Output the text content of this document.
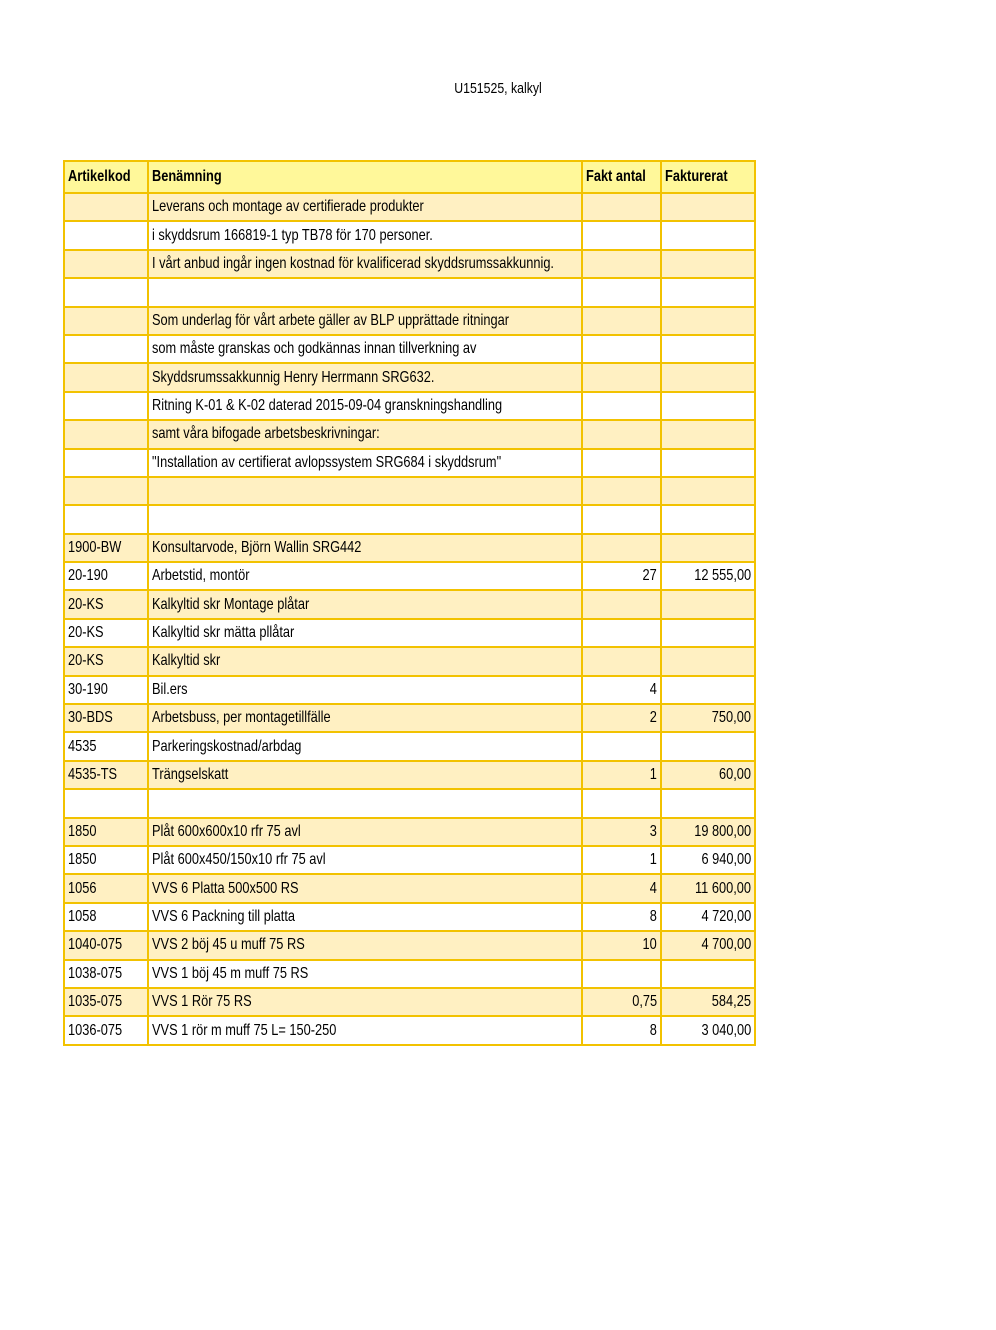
U151525, kalkyl
Artikelkod	Benämning	Fakt antal	Fakturerat
	Leverans och montage av certifierade produkter		
	i skyddsrum 166819-1 typ TB78 för 170 personer.		
	I vårt anbud ingår ingen kostnad för kvalificerad skyddsrumssakkunnig.		

	Som underlag för vårt arbete gäller av BLP upprättade ritningar		
	som måste granskas och godkännas innan tillverkning av		
	Skyddsrumssakkunnig Henry Herrmann SRG632.		
	Ritning K-01 & K-02 daterad 2015-09-04 granskningshandling		
	samt våra bifogade arbetsbeskrivningar:		
	"Installation av certifierat avlopssystem SRG684 i skyddsrum"		

1900-BW	Konsultarvode, Björn Wallin SRG442		
20-190	Arbetstid, montör	27	12 555,00
20-KS	Kalkyltid skr Montage plåtar		
20-KS	Kalkyltid skr mätta pllåtar		
20-KS	Kalkyltid skr		
30-190	Bil.ers	4	
30-BDS	Arbetsbuss, per montagetillfälle	2	750,00
4535	Parkeringskostnad/arbdag		
4535-TS	Trängselskatt	1	60,00

1850	Plåt 600x600x10 rfr 75 avl	3	19 800,00
1850	Plåt 600x450/150x10 rfr 75 avl	1	6 940,00
1056	VVS 6 Platta 500x500 RS	4	11 600,00
1058	VVS 6 Packning till platta	8	4 720,00
1040-075	VVS 2 böj 45 u muff 75 RS	10	4 700,00
1038-075	VVS 1 böj 45 m muff 75 RS		
1035-075	VVS 1 Rör 75 RS	0,75	584,25
1036-075	VVS 1 rör m muff 75 L= 150-250	8	3 040,00
